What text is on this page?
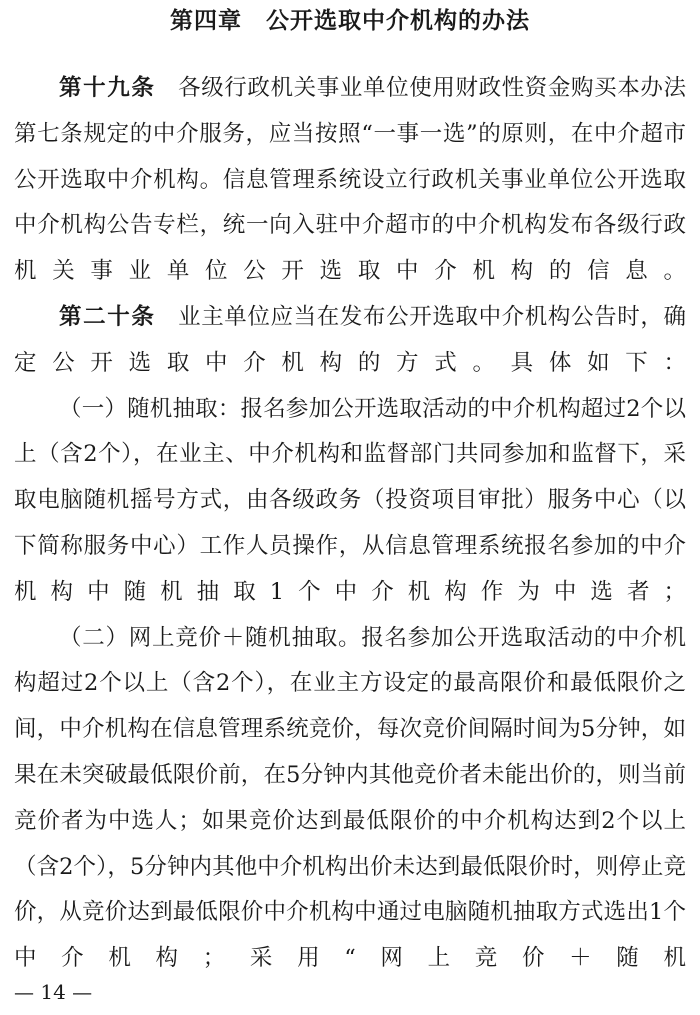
第四章　公开选取中介机构的办法

第十九条 各级行政机关事业单位使用财政性资金购买本办法第七条规定的中介服务，应当按照“一事一选”的原则，在中介超市公开选取中介机构。信息管理系统设立行政机关事业单位公开选取中介机构公告专栏，统一向入驻中介超市的中介机构发布各级行政机关事业单位公开选取中介机构的信息。

第二十条 业主单位应当在发布公开选取中介机构公告时，确定公开选取中介机构的方式。具体如下：

（一）随机抽取：报名参加公开选取活动的中介机构超过2个以上（含2个），在业主、中介机构和监督部门共同参加和监督下，采取电脑随机摇号方式，由各级政务（投资项目审批）服务中心（以下简称服务中心）工作人员操作，从信息管理系统报名参加的中介机构中随机抽取1个中介机构作为中选者；

（二）网上竞价＋随机抽取。报名参加公开选取活动的中介机构超过2个以上（含2个），在业主方设定的最高限价和最低限价之间，中介机构在信息管理系统竞价，每次竞价间隔时间为5分钟，如果在未突破最低限价前，在5分钟内其他竞价者未能出价的，则当前竞价者为中选人；如果竞价达到最低限价的中介机构达到2个以上（含2个），5分钟内其他中介机构出价未达到最低限价时，则停止竞价，从竞价达到最低限价中介机构中通过电脑随机抽取方式选出1个中介机构；采用“网上竞价＋随机

— 14 —
